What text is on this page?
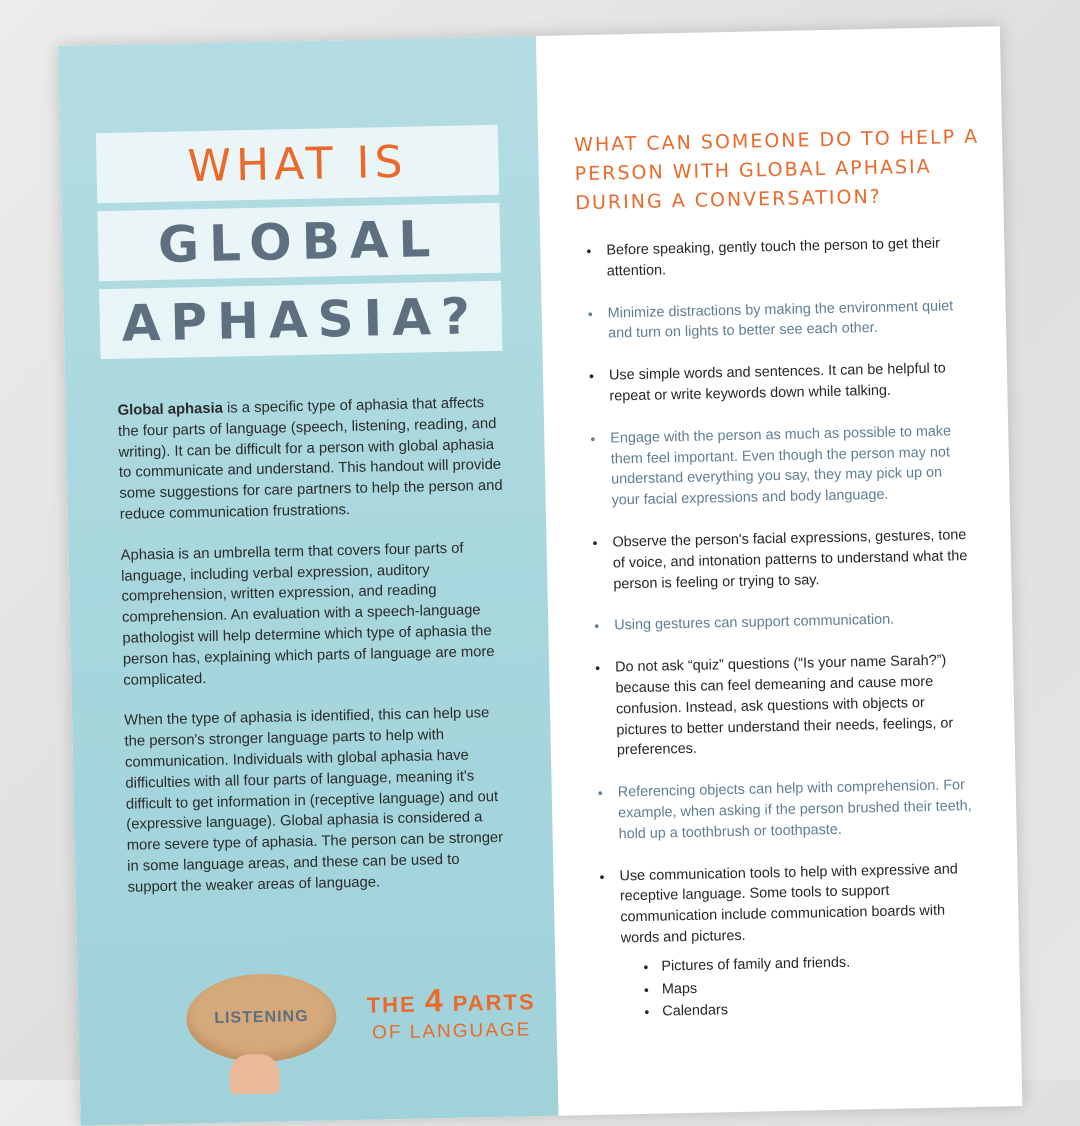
WHAT IS
GLOBAL
APHASIA?

Global aphasia is a specific type of aphasia that affects the four parts of language (speech, listening, reading, and writing). It can be difficult for a person with global aphasia to communicate and understand. This handout will provide some suggestions for care partners to help the person and reduce communication frustrations.

Aphasia is an umbrella term that covers four parts of language, including verbal expression, auditory comprehension, written expression, and reading comprehension. An evaluation with a speech-language pathologist will help determine which type of aphasia the person has, explaining which parts of language are more complicated.

When the type of aphasia is identified, this can help use the person's stronger language parts to help with communication. Individuals with global aphasia have difficulties with all four parts of language, meaning it's difficult to get information in (receptive language) and out (expressive language). Global aphasia is considered a more severe type of aphasia. The person can be stronger in some language areas, and these can be used to support the weaker areas of language.

LISTENING	THE 4 PARTS
OF LANGUAGE
WHAT CAN SOMEONE DO TO HELP A PERSON WITH GLOBAL APHASIA DURING A CONVERSATION?
• Before speaking, gently touch the person to get their attention.
• Minimize distractions by making the environment quiet and turn on lights to better see each other.
• Use simple words and sentences. It can be helpful to repeat or write keywords down while talking.
• Engage with the person as much as possible to make them feel important. Even though the person may not understand everything you say, they may pick up on your facial expressions and body language.
• Observe the person's facial expressions, gestures, tone of voice, and intonation patterns to understand what the person is feeling or trying to say.
• Using gestures can support communication.
• Do not ask “quiz” questions (“Is your name Sarah?”) because this can feel demeaning and cause more confusion. Instead, ask questions with objects or pictures to better understand their needs, feelings, or preferences.
• Referencing objects can help with comprehension. For example, when asking if the person brushed their teeth, hold up a toothbrush or toothpaste.
• Use communication tools to help with expressive and receptive language. Some tools to support communication include communication boards with words and pictures.
• Pictures of family and friends.
• Maps
• Calendars
